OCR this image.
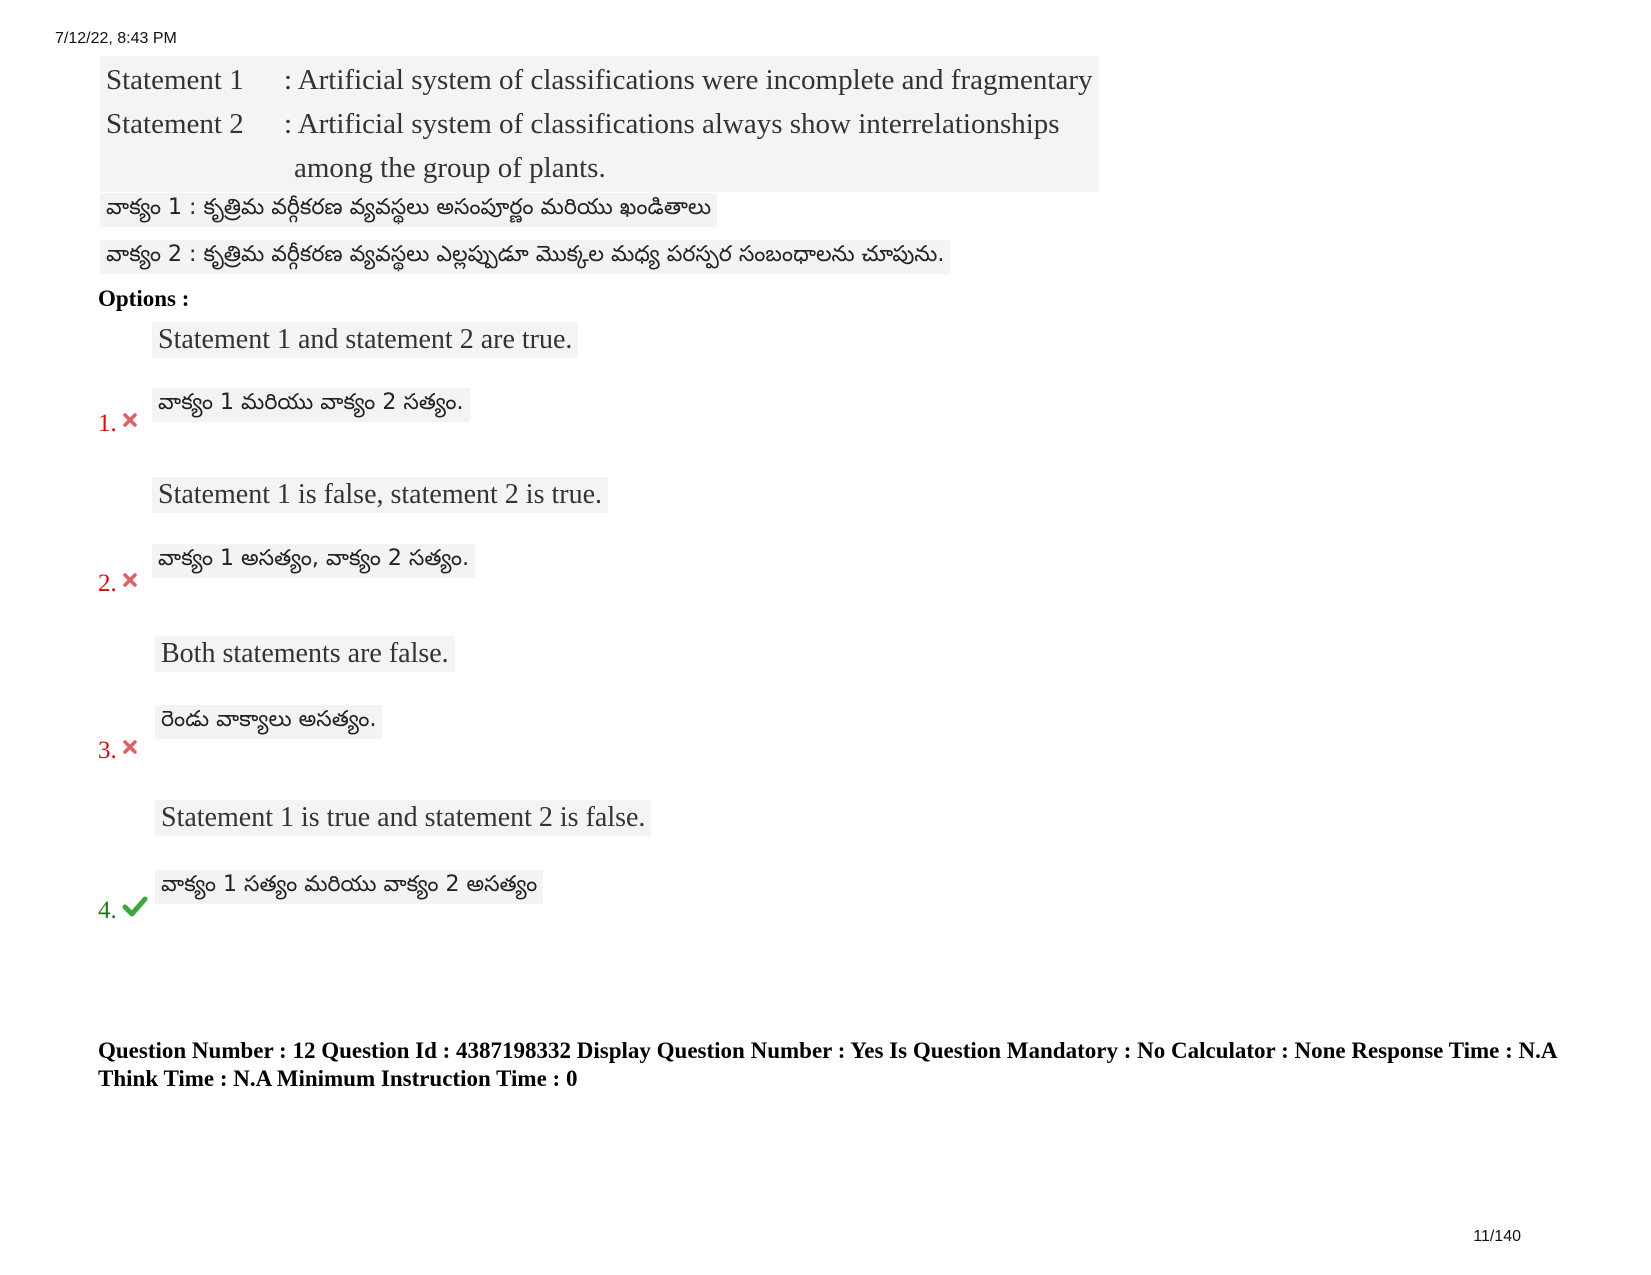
7/12/22, 8:43 PM
Statement 1 : Artificial system of classifications were incomplete and fragmentary
Statement 2 : Artificial system of classifications always show interrelationships
among the group of plants.
వాక్యం 1 : కృత్రిమ వర్గీకరణ వ్యవస్థలు అసంపూర్ణం మరియు ఖండితాలు
వాక్యం 2 : కృత్రిమ వర్గీకరణ వ్యవస్థలు ఎల్లప్పుడూ మొక్కల మధ్య పరస్పర సంబంధాలను చూపును.
Options :
Statement 1 and statement 2 are true.
వాక్యం 1 మరియు వాక్యం 2 సత్యం.
1.
Statement 1 is false, statement 2 is true.
వాక్యం 1 అసత్యం, వాక్యం 2 సత్యం.
2.
Both statements are false.
రెండు వాక్యాలు అసత్యం.
3.
Statement 1 is true and statement 2 is false.
వాక్యం 1 సత్యం మరియు వాక్యం 2 అసత్యం
4.
Question Number : 12 Question Id : 4387198332 Display Question Number : Yes Is Question Mandatory : No Calculator : None Response Time : N.A Think Time : N.A Minimum Instruction Time : 0
11/140
